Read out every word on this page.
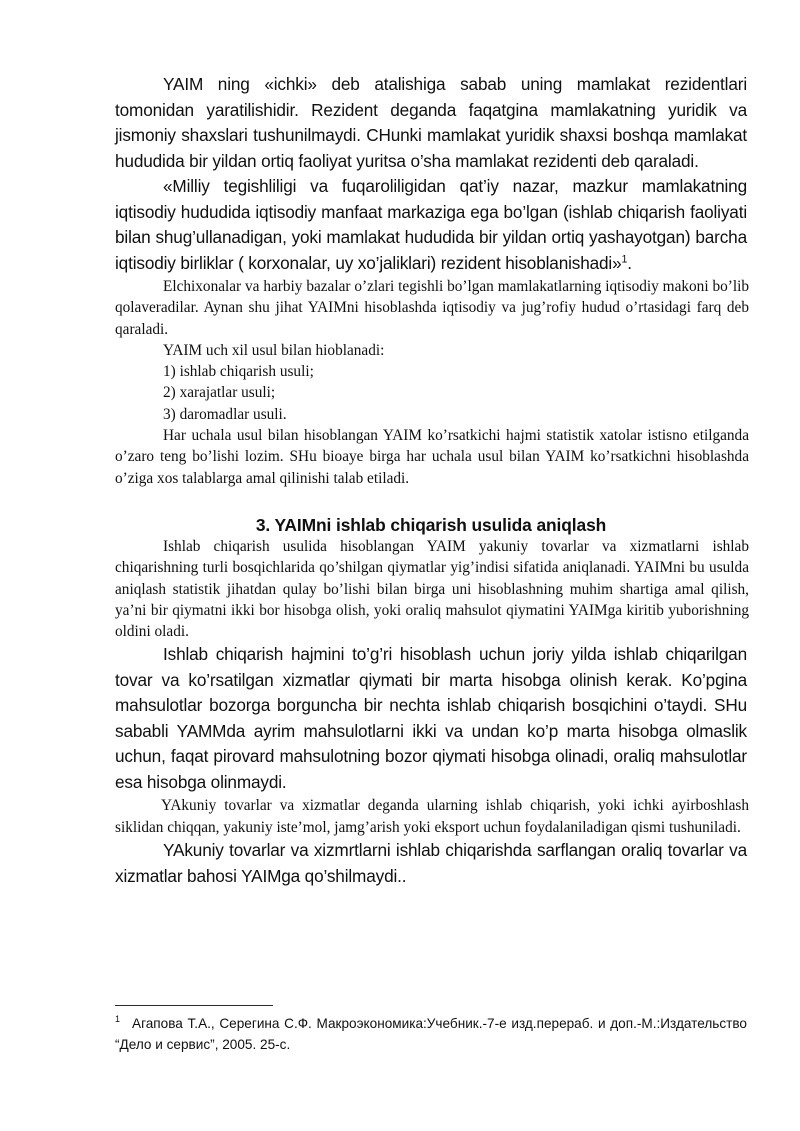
YAIM ning «ichki» deb atalishiga sabab uning mamlakat rezidentlari tomonidan yaratilishidir. Rezident deganda faqatgina mamlakatning yuridik va jismoniy shaxslari tushunilmaydi. CHunki mamlakat yuridik shaxsi boshqa mamlakat hududida bir yildan ortiq faoliyat yuritsa o’sha mamlakat rezidenti deb qaraladi.

«Milliy tegishliligi va fuqaroliligidan qat’iy nazar, mazkur mamlakatning iqtisodiy hududida iqtisodiy manfaat markaziga ega bo’lgan (ishlab chiqarish faoliyati bilan shug’ullanadigan, yoki mamlakat hududida bir yildan ortiq yashayotgan) barcha iqtisodiy birliklar ( korxonalar, uy xo’jaliklari) rezident hisoblanishadi»$^1$.

Elchixonalar va harbiy bazalar o’zlari tegishli bo’lgan mamlakatlarning iqtisodiy makoni bo’lib qolaveradilar. Aynan shu jihat YAIMni hisoblashda iqtisodiy va jug’rofiy hudud o’rtasidagi farq deb qaraladi.

YAIM uch xil usul bilan hioblanadi:

1) ishlab chiqarish usuli;

2) xarajatlar usuli;

3) daromadlar usuli.

Har uchala usul bilan hisoblangan YAIM ko’rsatkichi hajmi statistik xatolar istisno etilganda o’zaro teng bo’lishi lozim. SHu bioaye birga har uchala usul bilan YAIM ko’rsatkichni hisoblashda o’ziga xos talablarga amal qilinishi talab etiladi.

3. YAIMni ishlab chiqarish usulida aniqlash

Ishlab chiqarish usulida hisoblangan YAIM yakuniy tovarlar va xizmatlarni ishlab chiqarishning turli bosqichlarida qo’shilgan qiymatlar yig’indisi sifatida aniqlanadi. YAIMni bu usulda aniqlash statistik jihatdan qulay bo’lishi bilan birga uni hisoblashning muhim shartiga amal qilish, ya’ni bir qiymatni ikki bor hisobga olish, yoki oraliq mahsulot qiymatini YAIMga kiritib yuborishning oldini oladi.

Ishlab chiqarish hajmini to’g’ri hisoblash uchun joriy yilda ishlab chiqarilgan tovar va ko’rsatilgan xizmatlar qiymati bir marta hisobga olinish kerak. Ko’pgina mahsulotlar bozorga borguncha bir nechta ishlab chiqarish bosqichini o’taydi. SHu sababli YAMMda ayrim mahsulotlarni ikki va undan ko’p marta hisobga olmaslik uchun, faqat pirovard mahsulotning bozor qiymati hisobga olinadi, oraliq mahsulotlar esa hisobga olinmaydi.

YAkuniy tovarlar va xizmatlar deganda ularning ishlab chiqarish, yoki ichki ayirboshlash siklidan chiqqan, yakuniy iste’mol, jamg’arish yoki eksport uchun foydalaniladigan qismi tushuniladi.

YAkuniy tovarlar va xizmrtlarni ishlab chiqarishda sarflangan oraliq tovarlar va xizmatlar bahosi YAIMga qo’shilmaydi..

$^1$ Агапова Т.А., Серегина С.Ф. Макроэкономика:Учебник.-7-е изд.перераб. и доп.-М.:Издательство “Дело и сервис”, 2005. 25-с.
